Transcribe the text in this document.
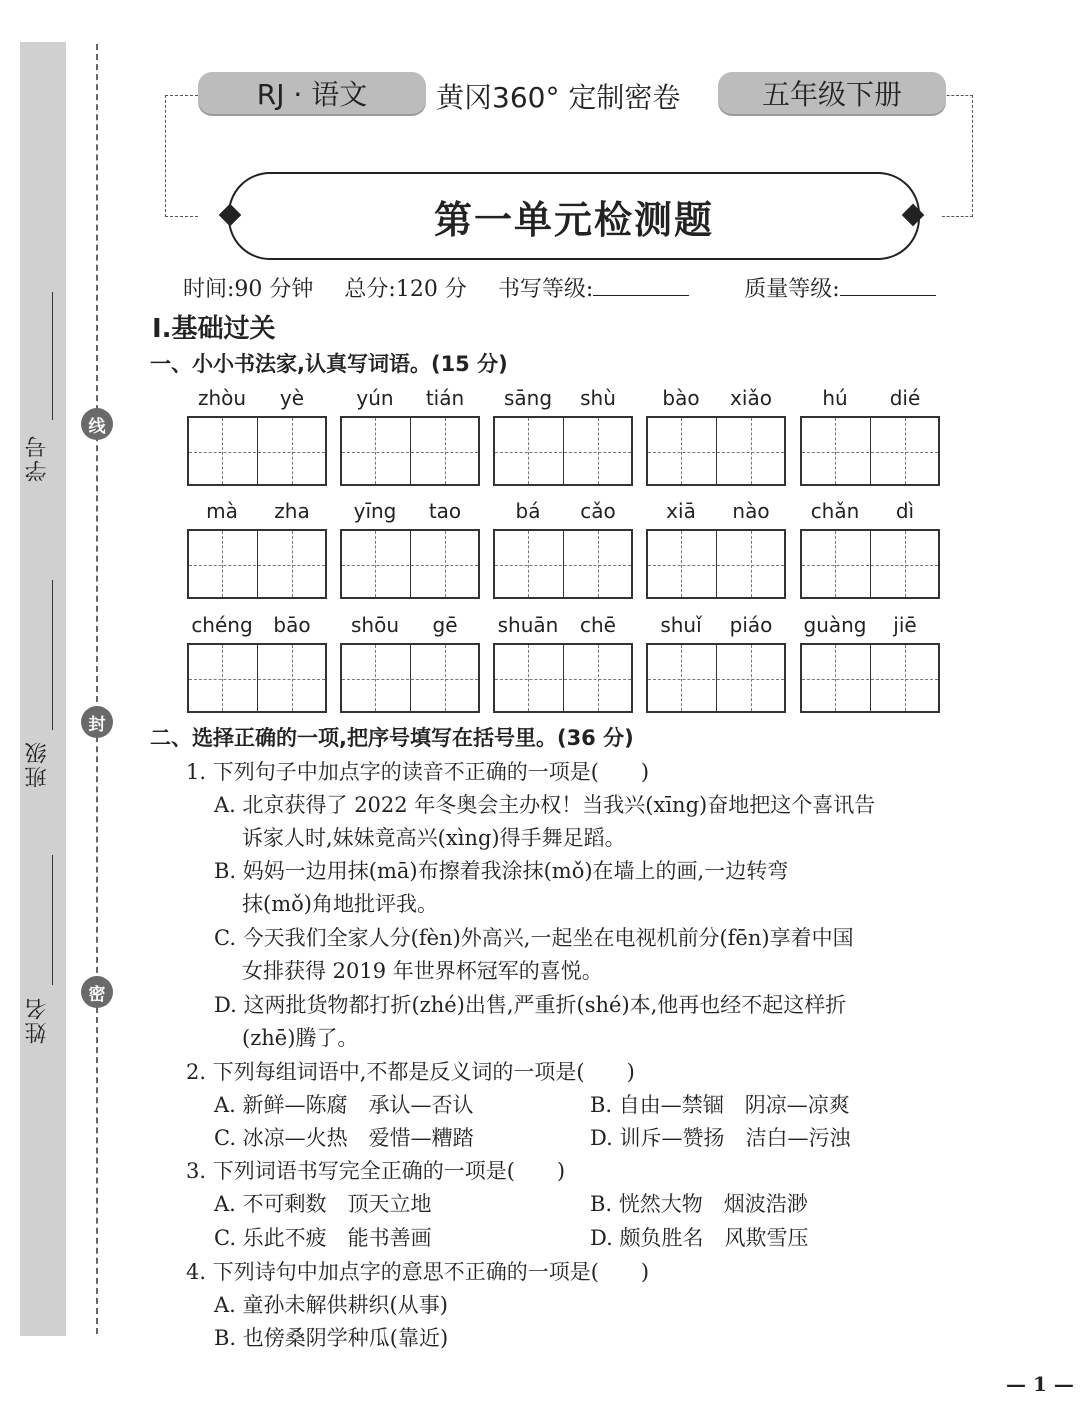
学号
班级
姓名
线
封
密
RJ · 语文	黄冈360° 定制密卷	五年级下册
第一单元检测题
时间:90 分钟 总分:120 分 书写等级:	质量等级:
Ⅰ.基础过关
一、小小书法家,认真写词语。(15 分)
zhòu	yè	yún	tián	sāng	shù	bào	xiǎo	hú	dié
mà	zha	yīng	tao	bá	cǎo	xiā	nào	chǎn	dì
chéng	bāo	shōu	gē	shuān	chē	shuǐ	piáo	guàng	jiē
二、选择正确的一项,把序号填写在括号里。(36 分)
1. 下列句子中加点字的读音不正确的一项是(　　)
A. 北京获得了 2022 年冬奥会主办权！当我兴(xīng)奋地把这个喜讯告
诉家人时,妹妹竟高兴(xìng)得手舞足蹈。
B. 妈妈一边用抹(mā)布擦着我涂抹(mǒ)在墙上的画,一边转弯
抹(mǒ)角地批评我。
C. 今天我们全家人分(fèn)外高兴,一起坐在电视机前分(fēn)享着中国
女排获得 2019 年世界杯冠军的喜悦。
D. 这两批货物都打折(zhé)出售,严重折(shé)本,他再也经不起这样折
(zhē)腾了。
2. 下列每组词语中,不都是反义词的一项是(　　)
A. 新鲜—陈腐　承认—否认	B. 自由—禁锢　阴凉—凉爽
C. 冰凉—火热　爱惜—糟踏	D. 训斥—赞扬　洁白—污浊
3. 下列词语书写完全正确的一项是(　　)
A. 不可剩数　顶天立地	B. 恍然大物　烟波浩渺
C. 乐此不疲　能书善画	D. 颇负胜名　风欺雪压
4. 下列诗句中加点字的意思不正确的一项是(　　)
A. 童孙未解供耕织(从事)
B. 也傍桑阴学种瓜(靠近)
— 1 —
